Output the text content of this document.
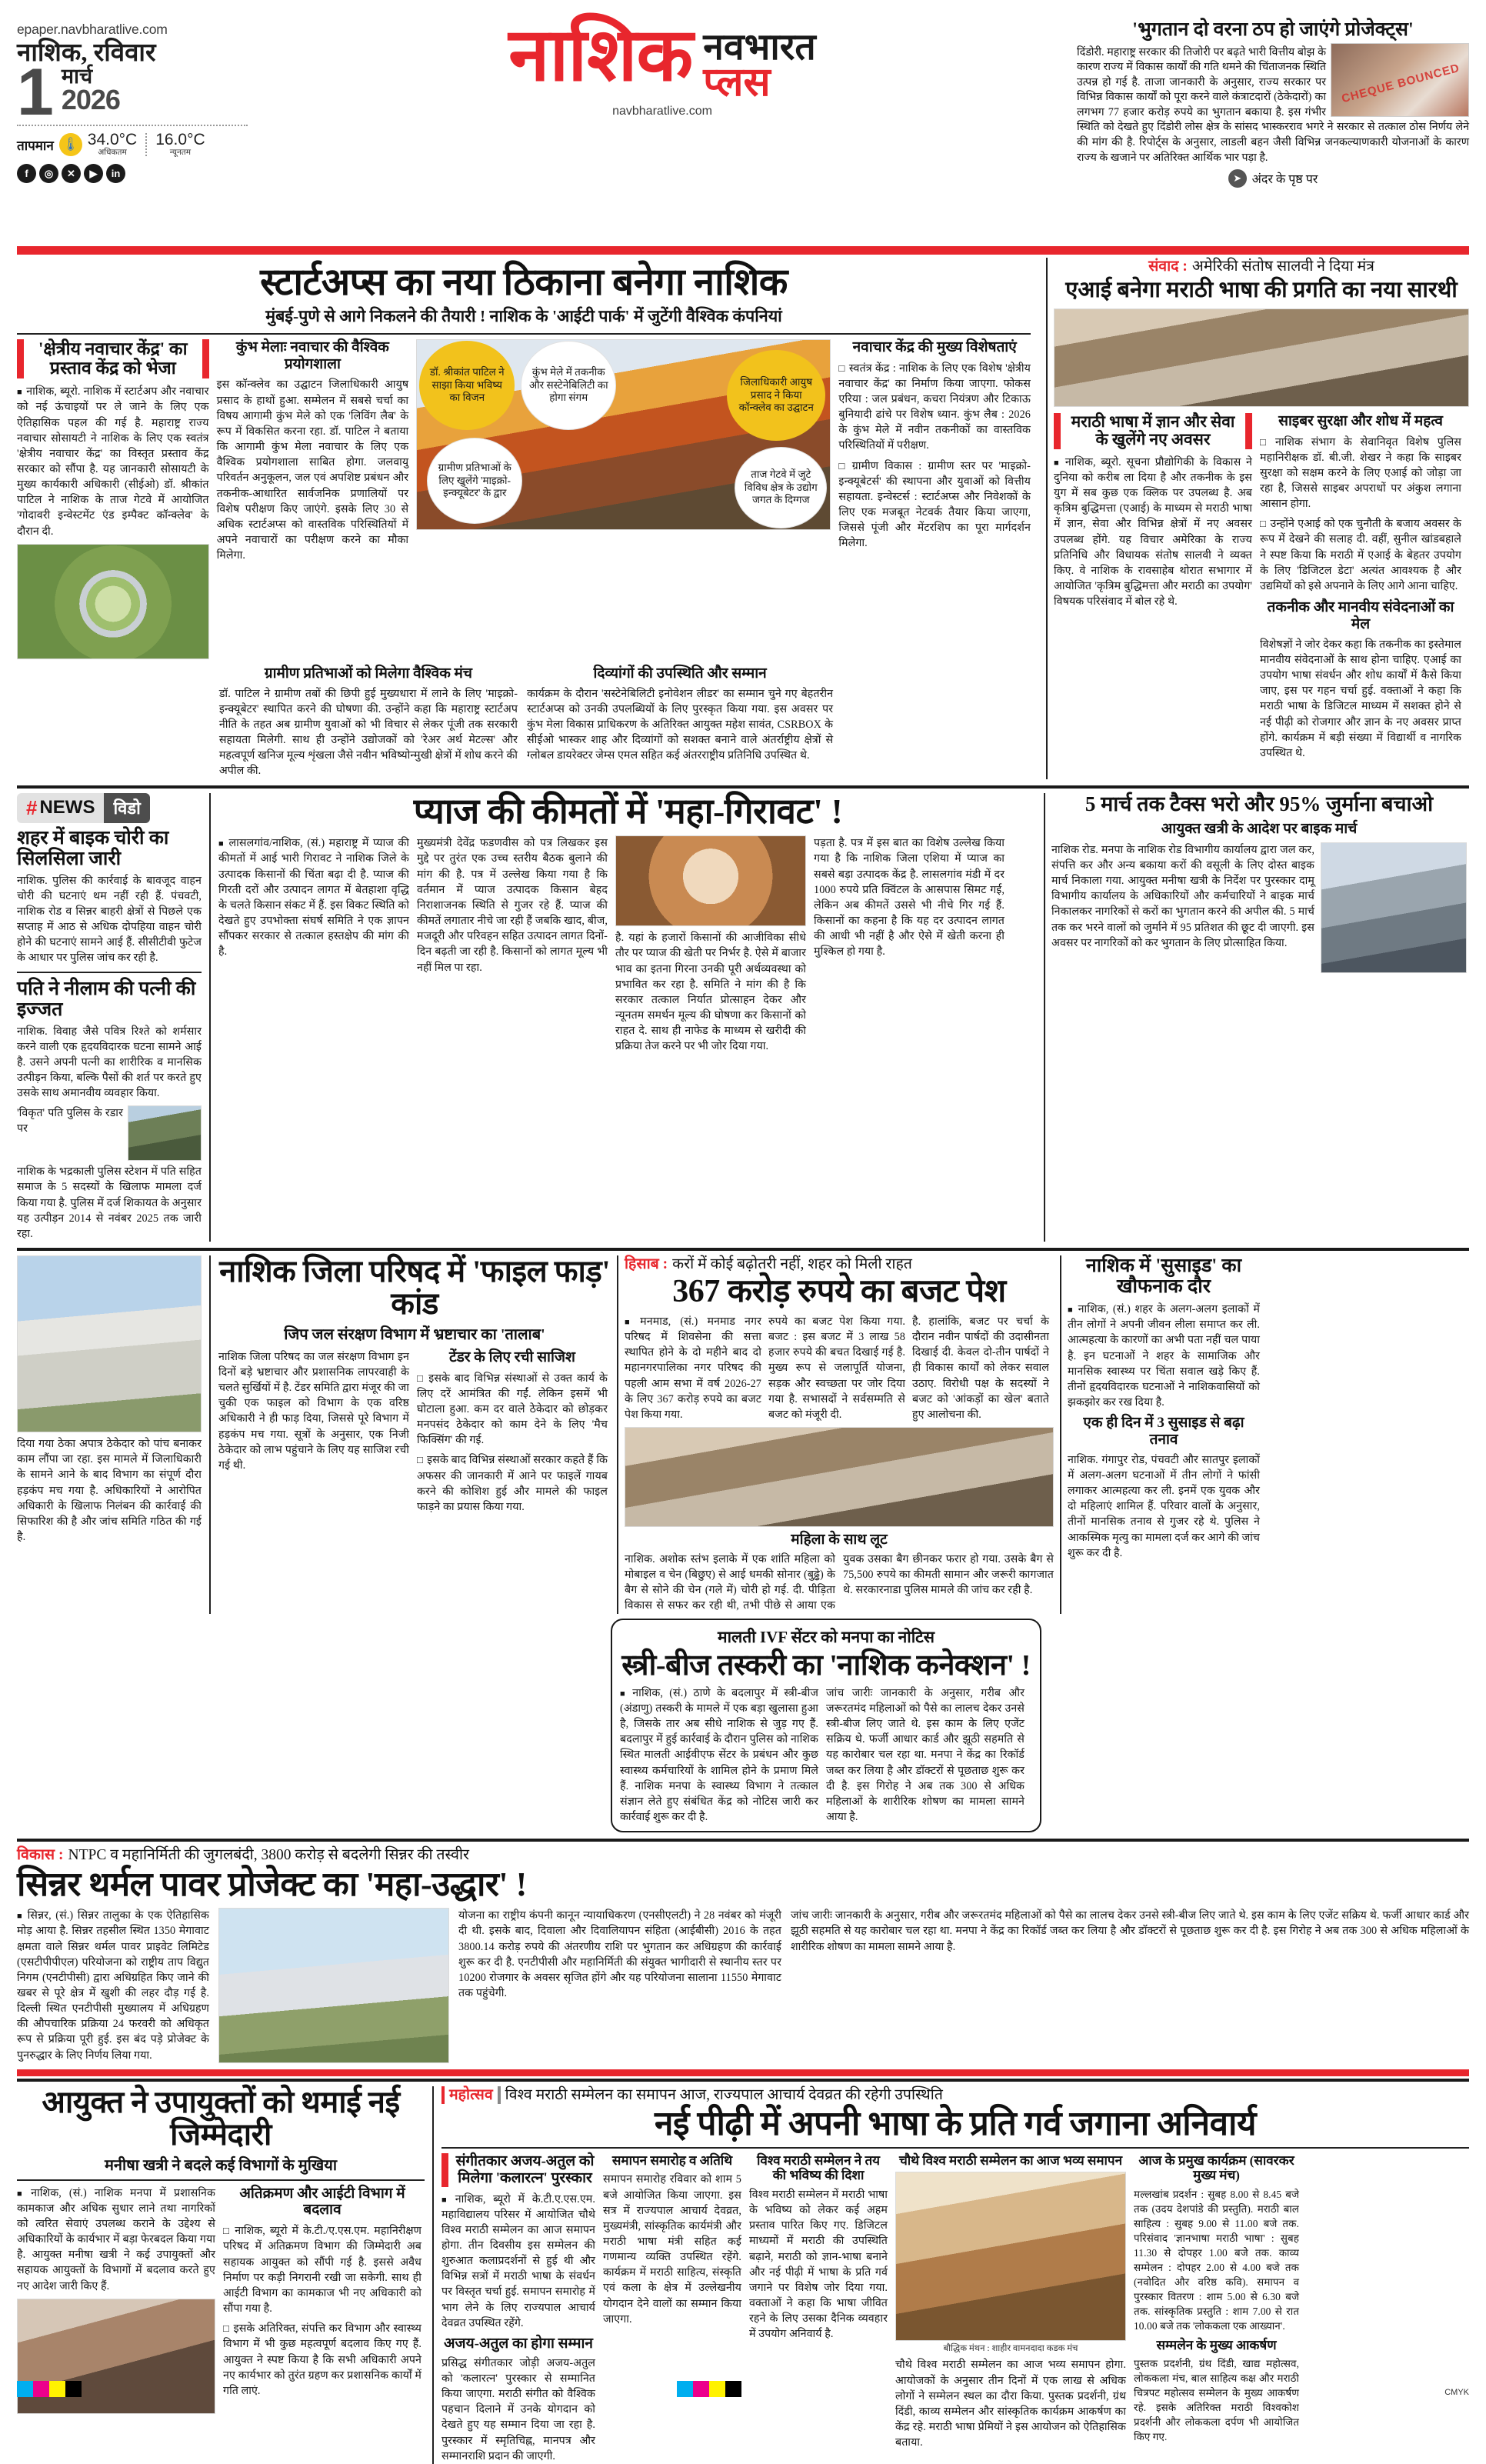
epaper.navbharatlive.com
नाशिक, रविवार
1 मार्च
2026
तापमान 🌡 34.0°C
अधिकतम
16.0°C
न्यूनतम
f	◎	✕	▶	in
नाशिक नवभारत
प्लस
navbharatlive.com
'भुगतान दो वरना ठप हो जाएंगे प्रोजेक्ट्स'
CHEQUE BOUNCED
दिंडोरी. महाराष्ट्र सरकार की तिजोरी पर बढ़ते भारी वित्तीय बोझ के कारण राज्य में विकास कार्यों की गति थमने की चिंताजनक स्थिति उत्पन्न हो गई है. ताजा जानकारी के अनुसार, राज्य सरकार पर विभिन्न विकास कार्यों को पूरा करने वाले कंत्राटदारों (ठेकेदारों) का लगभग 77 हजार करोड़ रुपये का भुगतान बकाया है. इस गंभीर स्थिति को देखते हुए दिंडोरी लोस क्षेत्र के सांसद भास्करराव भगरे ने सरकार से तत्काल ठोस निर्णय लेने की मांग की है. रिपोर्ट्स के अनुसार, लाडली बहन जैसी विभिन्न जनकल्याणकारी योजनाओं के कारण राज्य के खजाने पर अतिरिक्त आर्थिक भार पड़ा है.
➤ अंदर के पृष्ठ पर
स्टार्टअप्स का नया ठिकाना बनेगा नाशिक
मुंबई-पुणे से आगे निकलने की तैयारी ! नाशिक के 'आईटी पार्क' में जुटेंगी वैश्विक कंपनियां
'क्षेत्रीय नवाचार केंद्र' का प्रस्ताव केंद्र को भेजा
■ नाशिक, ब्यूरो. नाशिक में स्टार्टअप और नवाचार को नई ऊंचाइयों पर ले जाने के लिए एक ऐतिहासिक पहल की गई है. महाराष्ट्र राज्य नवाचार सोसायटी ने नाशिक के लिए एक स्वतंत्र 'क्षेत्रीय नवाचार केंद्र' का विस्तृत प्रस्ताव केंद्र सरकार को सौंपा है. यह जानकारी सोसायटी के मुख्य कार्यकारी अधिकारी (सीईओ) डॉ. श्रीकांत पाटिल ने नाशिक के ताज गेटवे में आयोजित 'गोदावरी इन्वेस्टमेंट एंड इम्पैक्ट कॉन्क्लेव' के दौरान दी.
कुंभ मेलाः नवाचार की वैश्विक प्रयोगशाला
इस कॉन्क्लेव का उद्घाटन जिलाधिकारी आयुष प्रसाद के हाथों हुआ. सम्मेलन में सबसे चर्चा का विषय आगामी कुंभ मेले को एक 'लिविंग लैब' के रूप में विकसित करना रहा. डॉ. पाटिल ने बताया कि आगामी कुंभ मेला नवाचार के लिए एक वैश्विक प्रयोगशाला साबित होगा. जलवायु परिवर्तन अनुकूलन, जल एवं अपशिष्ट प्रबंधन और तकनीक-आधारित सार्वजनिक प्रणालियों पर विशेष परीक्षण किए जाएंगे. इसके लिए 30 से अधिक स्टार्टअप्स को वास्तविक परिस्थितियों में अपने नवाचारों का परीक्षण करने का मौका मिलेगा.
डॉ. श्रीकांत पाटिल ने साझा किया भविष्य का विजन
कुंभ मेले में तकनीक और सस्टेनेबिलिटी का होगा संगम
जिलाधिकारी आयुष प्रसाद ने किया कॉन्क्लेव का उद्घाटन
ग्रामीण प्रतिभाओं के लिए खुलेंगे 'माइक्रो-इन्क्यूबेटर' के द्वार
ताज गेटवे में जुटे विविध क्षेत्र के उद्योग जगत के दिग्गज
नवाचार केंद्र की मुख्य विशेषताएं
□ स्वतंत्र केंद्र : नाशिक के लिए एक विशेष 'क्षेत्रीय नवाचार केंद्र' का निर्माण किया जाएगा. फोकस एरिया : जल प्रबंधन, कचरा नियंत्रण और टिकाऊ बुनियादी ढांचे पर विशेष ध्यान. कुंभ लैब : 2026 के कुंभ मेले में नवीन तकनीकों का वास्तविक परिस्थितियों में परीक्षण.
□ ग्रामीण विकास : ग्रामीण स्तर पर 'माइक्रो-इन्क्यूबेटर्स' की स्थापना और युवाओं को वित्तीय सहायता. इन्वेस्टर्स : स्टार्टअप्स और निवेशकों के लिए एक मजबूत नेटवर्क तैयार किया जाएगा, जिससे पूंजी और मेंटरशिप का पूरा मार्गदर्शन मिलेगा.
ग्रामीण प्रतिभाओं को मिलेगा वैश्विक मंच
डॉ. पाटिल ने ग्रामीण तबों की छिपी हुई मुख्यधारा में लाने के लिए 'माइक्रो-इन्क्यूबेटर' स्थापित करने की घोषणा की. उन्होंने कहा कि महाराष्ट्र स्टार्टअप नीति के तहत अब ग्रामीण युवाओं को भी विचार से लेकर पूंजी तक सरकारी सहायता मिलेगी. साथ ही उन्होंने उद्योजकों को 'रेअर अर्थ मेटल्स' और महत्वपूर्ण खनिज मूल्य शृंखला जैसे नवीन भविष्योन्मुखी क्षेत्रों में शोध करने की अपील की.
दिव्यांगों की उपस्थिति और सम्मान
कार्यक्रम के दौरान 'सस्टेनेबिलिटी इनोवेशन लीडर' का सम्मान चुने गए बेहतरीन स्टार्टअप्स को उनकी उपलब्धियों के लिए पुरस्कृत किया गया. इस अवसर पर कुंभ मेला विकास प्राधिकरण के अतिरिक्त आयुक्त महेश सावंत, CSRBOX के सीईओ भास्कर शाह और दिव्यांगों को सशक्त बनाने वाले अंतर्राष्ट्रीय क्षेत्रों से ग्लोबल डायरेक्टर जेम्स एमल सहित कई अंतरराष्ट्रीय प्रतिनिधि उपस्थित थे.
संवाद : अमेरिकी संतोष सालवी ने दिया मंत्र
एआई बनेगा मराठी भाषा की प्रगति का नया सारथी
मराठी भाषा में ज्ञान और सेवा के खुलेंगे नए अवसर
■ नाशिक, ब्यूरो. सूचना प्रौद्योगिकी के विकास ने दुनिया को करीब ला दिया है और तकनीक के इस युग में सब कुछ एक क्लिक पर उपलब्ध है. अब कृत्रिम बुद्धिमत्ता (एआई) के माध्यम से मराठी भाषा में ज्ञान, सेवा और विभिन्न क्षेत्रों में नए अवसर उपलब्ध होंगे. यह विचार अमेरिका के राज्य प्रतिनिधि और विधायक संतोष सालवी ने व्यक्त किए. वे नाशिक के रावसाहेब थोरात सभागार में आयोजित 'कृत्रिम बुद्धिमत्ता और मराठी का उपयोग' विषयक परिसंवाद में बोल रहे थे.
साइबर सुरक्षा और शोध में महत्व
□ नाशिक संभाग के सेवानिवृत विशेष पुलिस महानिरीक्षक डॉ. बी.जी. शेखर ने कहा कि साइबर सुरक्षा को सक्षम करने के लिए एआई को जोड़ा जा रहा है, जिससे साइबर अपराधों पर अंकुश लगाना आसान होगा.
□ उन्होंने एआई को एक चुनौती के बजाय अवसर के रूप में देखने की सलाह दी. वहीं, सुनील खांडबहाले ने स्पष्ट किया कि मराठी में एआई के बेहतर उपयोग के लिए 'डिजिटल डेटा' अत्यंत आवश्यक है और उद्यमियों को इसे अपनाने के लिए आगे आना चाहिए.
तकनीक और मानवीय संवेदनाओं का मेल
विशेषज्ञों ने जोर देकर कहा कि तकनीक का इस्तेमाल मानवीय संवेदनाओं के साथ होना चाहिए. एआई का उपयोग भाषा संवर्धन और शोध कार्यों में कैसे किया जाए, इस पर गहन चर्चा हुई. वक्ताओं ने कहा कि मराठी भाषा के डिजिटल माध्यम में सशक्त होने से नई पीढ़ी को रोजगार और ज्ञान के नए अवसर प्राप्त होंगे. कार्यक्रम में बड़ी संख्या में विद्यार्थी व नागरिक उपस्थित थे.
# NEWS	विडो
शहर में बाइक चोरी का सिलसिला जारी
नाशिक. पुलिस की कार्रवाई के बावजूद वाहन चोरी की घटनाएं थम नहीं रही हैं. पंचवटी, नाशिक रोड व सिन्नर बाहरी क्षेत्रों से पिछले एक सप्ताह में आठ से अधिक दोपहिया वाहन चोरी होने की घटनाएं सामने आई हैं. सीसीटीवी फुटेज के आधार पर पुलिस जांच कर रही है.
पति ने नीलाम की पत्नी की इज्जत
नाशिक. विवाह जैसे पवित्र रिश्ते को शर्मसार करने वाली एक हृदयविदारक घटना सामने आई है. उसने अपनी पत्नी का शारीरिक व मानसिक उत्पीड़न किया, बल्कि पैसों की शर्त पर करते हुए उसके साथ अमानवीय व्यवहार किया.
'विकृत' पति पुलिस के रडार पर
नाशिक के भद्रकाली पुलिस स्टेशन में पति सहित समाज के 5 सदस्यों के खिलाफ मामला दर्ज किया गया है. पुलिस में दर्ज शिकायत के अनुसार यह उत्पीड़न 2014 से नवंबर 2025 तक जारी रहा.
प्याज की कीमतों में 'महा-गिरावट' !
■ लासलगांव/नाशिक, (सं.) महाराष्ट्र में प्याज की कीमतों में आई भारी गिरावट ने नाशिक जिले के उत्पादक किसानों की चिंता बढ़ा दी है. प्याज की गिरती दरों और उत्पादन लागत में बेतहाशा वृद्धि के चलते किसान संकट में हैं. इस विकट स्थिति को देखते हुए उपभोक्ता संघर्ष समिति ने एक ज्ञापन सौंपकर सरकार से तत्काल हस्तक्षेप की मांग की है.
मुख्यमंत्री देवेंद्र फडणवीस को पत्र लिखकर इस मुद्दे पर तुरंत एक उच्च स्तरीय बैठक बुलाने की मांग की है. पत्र में उल्लेख किया गया है कि वर्तमान में प्याज उत्पादक किसान बेहद निराशाजनक स्थिति से गुजर रहे हैं. प्याज की कीमतें लगातार नीचे जा रही हैं जबकि खाद, बीज, मजदूरी और परिवहन सहित उत्पादन लागत दिनों-दिन बढ़ती जा रही है. किसानों को लागत मूल्य भी नहीं मिल पा रहा.
है. यहां के हजारों किसानों की आजीविका सीधे तौर पर प्याज की खेती पर निर्भर है. ऐसे में बाजार भाव का इतना गिरना उनकी पूरी अर्थव्यवस्था को प्रभावित कर रहा है. समिति ने मांग की है कि सरकार तत्काल निर्यात प्रोत्साहन देकर और न्यूनतम समर्थन मूल्य की घोषणा कर किसानों को राहत दे. साथ ही नाफेड के माध्यम से खरीदी की प्रक्रिया तेज करने पर भी जोर दिया गया.
पड़ता है. पत्र में इस बात का विशेष उल्लेख किया गया है कि नाशिक जिला एशिया में प्याज का सबसे बड़ा उत्पादक केंद्र है. लासलगांव मंडी में दर 1000 रुपये प्रति क्विंटल के आसपास सिमट गई, लेकिन अब कीमतें उससे भी नीचे गिर गई हैं. किसानों का कहना है कि यह दर उत्पादन लागत की आधी भी नहीं है और ऐसे में खेती करना ही मुश्किल हो गया है.
5 मार्च तक टैक्स भरो और 95% जुर्माना बचाओ
आयुक्त खत्री के आदेश पर बाइक मार्च
नाशिक रोड. मनपा के नाशिक रोड विभागीय कार्यालय द्वारा जल कर, संपत्ति कर और अन्य बकाया करों की वसूली के लिए दोस्त बाइक मार्च निकाला गया. आयुक्त मनीषा खत्री के निर्देश पर पुरस्कार दामू विभागीय कार्यालय के अधिकारियों और कर्मचारियों ने बाइक मार्च निकालकर नागरिकों से करों का भुगतान करने की अपील की. 5 मार्च तक कर भरने वालों को जुर्माने में 95 प्रतिशत की छूट दी जाएगी. इस अवसर पर नागरिकों को कर भुगतान के लिए प्रोत्साहित किया.
दिया गया ठेका अपात्र ठेकेदार को पांच बनाकर काम लौंपा जा रहा. इस मामले में जिलाधिकारी के सामने आने के बाद विभाग का संपूर्ण दौरा हड़कंप मच गया है. अधिकारियों ने आरोपित अधिकारी के खिलाफ निलंबन की कार्रवाई की सिफारिश की है और जांच समिति गठित की गई है.
नाशिक जिला परिषद में 'फाइल फाड़' कांड
जिप जल संरक्षण विभाग में भ्रष्टाचार का 'तालाब'
नाशिक जिला परिषद का जल संरक्षण विभाग इन दिनों बड़े भ्रष्टाचार और प्रशासनिक लापरवाही के चलते सुर्खियों में है. टेंडर समिति द्वारा मंजूर की जा चुकी एक फाइल को विभाग के एक वरिष्ठ अधिकारी ने ही फाड़ दिया, जिससे पूरे विभाग में हड़कंप मच गया. सूत्रों के अनुसार, एक निजी ठेकेदार को लाभ पहुंचाने के लिए यह साजिश रची गई थी.
टेंडर के लिए रची साजिश
□ इसके बाद विभिन्न संस्थाओं से उक्त कार्य के लिए दरें आमंत्रित की गईं. लेकिन इसमें भी घोटाला हुआ. कम दर वाले ठेकेदार को छोड़कर मनपसंद ठेकेदार को काम देने के लिए 'मैच फिक्सिंग' की गई.
□ इसके बाद विभिन्न संस्थाओं सरकार कहते हैं कि अफसर की जानकारी में आने पर फाइलें गायब करने की कोशिश हुई और मामले की फाइल फाड़ने का प्रयास किया गया.
हिसाब : करों में कोई बढ़ोतरी नहीं, शहर को मिली राहत
367 करोड़ रुपये का बजट पेश
■ मनमाड, (सं.) मनमाड नगर परिषद में शिवसेना की सत्ता स्थापित होने के दो महीने बाद दो महानगरपालिका नगर परिषद की पहली आम सभा में वर्ष 2026-27 के लिए 367 करोड़ रुपये का बजट पेश किया गया.
रुपये का बजट पेश किया गया. बजट : इस बजट में 3 लाख 58 हजार रुपये की बचत दिखाई गई है. मुख्य रूप से जलापूर्ति योजना, सड़क और स्वच्छता पर जोर दिया गया है. सभासदों ने सर्वसम्मति से बजट को मंजूरी दी.
है. हालांकि, बजट पर चर्चा के दौरान नवीन पार्षदों की उदासीनता दिखाई दी. केवल दो-तीन पार्षदों ने ही विकास कार्यों को लेकर सवाल उठाए. विरोधी पक्ष के सदस्यों ने बजट को 'आंकड़ों का खेल' बताते हुए आलोचना की.
महिला के साथ लूट
नाशिक. अशोक स्तंभ इलाके में एक शांति महिला को मोबाइल व चेन (बिछुए) से आई धमकी सोनार (बुढ्ढे) के बैग से सोने की चेन (गले में) चोरी हो गई. दी. पीड़िता विकास से सफर कर रही थी, तभी पीछे से आया एक युवक उसका बैग छीनकर फरार हो गया. उसके बैग से 75,500 रुपये का कीमती सामान और जरूरी कागजात थे. सरकारनाडा पुलिस मामले की जांच कर रही है.
नाशिक में 'सुसाइड' का खौफनाक दौर
■ नाशिक, (सं.) शहर के अलग-अलग इलाकों में तीन लोगों ने अपनी जीवन लीला समाप्त कर ली. आत्महत्या के कारणों का अभी पता नहीं चल पाया है. इन घटनाओं ने शहर के सामाजिक और मानसिक स्वास्थ्य पर चिंता सवाल खड़े किए हैं. तीनों हृदयविदारक घटनाओं ने नाशिकवासियों को झकझोर कर रख दिया है.
एक ही दिन में 3 सुसाइड से बढ़ा तनाव
नाशिक. गंगापुर रोड, पंचवटी और सातपुर इलाकों में अलग-अलग घटनाओं में तीन लोगों ने फांसी लगाकर आत्महत्या कर ली. इनमें एक युवक और दो महिलाएं शामिल हैं. परिवार वालों के अनुसार, तीनों मानसिक तनाव से गुजर रहे थे. पुलिस ने आकस्मिक मृत्यु का मामला दर्ज कर आगे की जांच शुरू कर दी है.
मालती IVF सेंटर को मनपा का नोटिस
स्त्री-बीज तस्करी का 'नाशिक कनेक्शन' !
■ नाशिक, (सं.) ठाणे के बदलापुर में स्त्री-बीज (अंडाणु) तस्करी के मामले में एक बड़ा खुलासा हुआ है, जिसके तार अब सीधे नाशिक से जुड़ गए हैं. बदलापुर में हुई कार्रवाई के दौरान पुलिस को नाशिक स्थित मालती आईवीएफ सेंटर के प्रबंधन और कुछ स्वास्थ्य कर्मचारियों के शामिल होने के प्रमाण मिले हैं. नाशिक मनपा के स्वास्थ्य विभाग ने तत्काल संज्ञान लेते हुए संबंधित केंद्र को नोटिस जारी कर कार्रवाई शुरू कर दी है.
जांच जारीः जानकारी के अनुसार, गरीब और जरूरतमंद महिलाओं को पैसे का लालच देकर उनसे स्त्री-बीज लिए जाते थे. इस काम के लिए एजेंट सक्रिय थे. फर्जी आधार कार्ड और झूठी सहमति से यह कारोबार चल रहा था. मनपा ने केंद्र का रिकॉर्ड जब्त कर लिया है और डॉक्टरों से पूछताछ शुरू कर दी है. इस गिरोह ने अब तक 300 से अधिक महिलाओं के शारीरिक शोषण का मामला सामने आया है.
विकास : NTPC व महानिर्मिती की जुगलबंदी, 3800 करोड़ से बदलेगी सिन्नर की तस्वीर
सिन्नर थर्मल पावर प्रोजेक्ट का 'महा-उद्धार' !
■ सिन्नर, (सं.) सिन्नर तालुका के एक ऐतिहासिक मोड़ आया है. सिन्नर तहसील स्थित 1350 मेगावाट क्षमता वाले सिन्नर थर्मल पावर प्राइवेट लिमिटेड (एसटीपीपीएल) परियोजना को राष्ट्रीय ताप विद्युत निगम (एनटीपीसी) द्वारा अधिग्रहित किए जाने की खबर से पूरे क्षेत्र में खुशी की लहर दौड़ गई है. दिल्ली स्थित एनटीपीसी मुख्यालय में अधिग्रहण की औपचारिक प्रक्रिया 24 फरवरी को अधिकृत रूप से प्रक्रिया पूरी हुई. इस बंद पड़े प्रोजेक्ट के पुनरुद्धार के लिए निर्णय लिया गया.
योजना का राष्ट्रीय कंपनी कानून न्यायाधिकरण (एनसीएलटी) ने 28 नवंबर को मंजूरी दी थी. इसके बाद, दिवाला और दिवालियापन संहिता (आईबीसी) 2016 के तहत 3800.14 करोड़ रुपये की अंतरणीय राशि पर भुगतान कर अधिग्रहण की कार्रवाई शुरू कर दी है. एनटीपीसी और महानिर्मिती की संयुक्त भागीदारी से स्थानीय स्तर पर 10200 रोजगार के अवसर सृजित होंगे और यह परियोजना सालाना 11550 मेगावाट तक पहुंचेगी.
जांच जारीः जानकारी के अनुसार, गरीब और जरूरतमंद महिलाओं को पैसे का लालच देकर उनसे स्त्री-बीज लिए जाते थे. इस काम के लिए एजेंट सक्रिय थे. फर्जी आधार कार्ड और झूठी सहमति से यह कारोबार चल रहा था. मनपा ने केंद्र का रिकॉर्ड जब्त कर लिया है और डॉक्टरों से पूछताछ शुरू कर दी है. इस गिरोह ने अब तक 300 से अधिक महिलाओं के शारीरिक शोषण का मामला सामने आया है.
आयुक्त ने उपायुक्तों को थमाई नई जिम्मेदारी
मनीषा खत्री ने बदले कई विभागों के मुखिया
■ नाशिक, (सं.) नाशिक मनपा में प्रशासनिक कामकाज और अधिक सुधार लाने तथा नागरिकों को त्वरित सेवाएं उपलब्ध कराने के उद्देश्य से अधिकारियों के कार्यभार में बड़ा फेरबदल किया गया है. आयुक्त मनीषा खत्री ने कई उपायुक्तों और सहायक आयुक्तों के विभागों में बदलाव करते हुए नए आदेश जारी किए हैं.
अतिक्रमण और आईटी विभाग में बदलाव
□ नाशिक, ब्यूरो में के.टी./ए.एस.एम. महानिरीक्षण परिषद में अतिक्रमण विभाग की जिम्मेदारी अब सहायक आयुक्त को सौंपी गई है. इससे अवैध निर्माण पर कड़ी निगरानी रखी जा सकेगी. साथ ही आईटी विभाग का कामकाज भी नए अधिकारी को सौंपा गया है.
□ इसके अतिरिक्त, संपत्ति कर विभाग और स्वास्थ्य विभाग में भी कुछ महत्वपूर्ण बदलाव किए गए हैं. आयुक्त ने स्पष्ट किया है कि सभी अधिकारी अपने नए कार्यभार को तुरंत ग्रहण कर प्रशासनिक कार्यों में गति लाएं.
महोत्सव विश्व मराठी सम्मेलन का समापन आज, राज्यपाल आचार्य देवव्रत की रहेगी उपस्थिति
नई पीढ़ी में अपनी भाषा के प्रति गर्व जगाना अनिवार्य
संगीतकार अजय-अतुल को मिलेगा 'कलारत्न' पुरस्कार
■ नाशिक, ब्यूरो में के.टी.ए.एस.एम. महाविद्यालय परिसर में आयोजित चौथे विश्व मराठी सम्मेलन का आज समापन होगा. तीन दिवसीय इस सम्मेलन की शुरुआत कलाप्रदर्शनों से हुई थी और विभिन्न सत्रों में मराठी भाषा के संवर्धन पर विस्तृत चर्चा हुई. समापन समारोह में भाग लेने के लिए राज्यपाल आचार्य देवव्रत उपस्थित रहेंगे.
अजय-अतुल का होगा सम्मान
प्रसिद्ध संगीतकार जोड़ी अजय-अतुल को 'कलारत्न' पुरस्कार से सम्मानित किया जाएगा. मराठी संगीत को वैश्विक पहचान दिलाने में उनके योगदान को देखते हुए यह सम्मान दिया जा रहा है. पुरस्कार में स्मृतिचिह्न, मानपत्र और सम्मानराशि प्रदान की जाएगी.
समापन समारोह व अतिथि
समापन समारोह रविवार को शाम 5 बजे आयोजित किया जाएगा. इस सत्र में राज्यपाल आचार्य देवव्रत, मुख्यमंत्री, सांस्कृतिक कार्यमंत्री और मराठी भाषा मंत्री सहित कई गणमान्य व्यक्ति उपस्थित रहेंगे. कार्यक्रम में मराठी साहित्य, संस्कृति एवं कला के क्षेत्र में उल्लेखनीय योगदान देने वालों का सम्मान किया जाएगा.
विश्व मराठी सम्मेलन ने तय की भविष्य की दिशा
विश्व मराठी सम्मेलन में मराठी भाषा के भविष्य को लेकर कई अहम प्रस्ताव पारित किए गए. डिजिटल माध्यमों में मराठी की उपस्थिति बढ़ाने, मराठी को ज्ञान-भाषा बनाने और नई पीढ़ी में भाषा के प्रति गर्व जगाने पर विशेष जोर दिया गया. वक्ताओं ने कहा कि भाषा जीवित रहने के लिए उसका दैनिक व्यवहार में उपयोग अनिवार्य है.
चौथे विश्व मराठी सम्मेलन का आज भव्य समापन
बौद्धिक मंथन : शाहीर वामनदादा कडक मंच
चौथे विश्व मराठी सम्मेलन का आज भव्य समापन होगा. आयोजकों के अनुसार तीन दिनों में एक लाख से अधिक लोगों ने सम्मेलन स्थल का दौरा किया. पुस्तक प्रदर्शनी, ग्रंथ दिंडी, काव्य सम्मेलन और सांस्कृतिक कार्यक्रम आकर्षण का केंद्र रहे. मराठी भाषा प्रेमियों ने इस आयोजन को ऐतिहासिक बताया.
आज के प्रमुख कार्यक्रम (सावरकर मुख्य मंच)
मल्लखांब प्रदर्शन : सुबह 8.00 से 8.45 बजे तक (उदय देशपांडे की प्रस्तुति). मराठी बाल साहित्य : सुबह 9.00 से 11.00 बजे तक. परिसंवाद 'ज्ञानभाषा मराठी भाषा' : सुबह 11.30 से दोपहर 1.00 बजे तक. काव्य सम्मेलन : दोपहर 2.00 से 4.00 बजे तक (नवोदित और वरिष्ठ कवि). समापन व पुरस्कार वितरण : शाम 5.00 से 6.30 बजे तक. सांस्कृतिक प्रस्तुति : शाम 7.00 से रात 10.00 बजे तक 'लोककला एक आख्यान'.
सम्मलेन के मुख्य आकर्षण
पुस्तक प्रदर्शनी, ग्रंथ दिंडी, खाद्य महोत्सव, लोककला मंच, बाल साहित्य कक्ष और मराठी चित्रपट महोत्सव सम्मेलन के मुख्य आकर्षण रहे. इसके अतिरिक्त मराठी विश्वकोश प्रदर्शनी और लोककला दर्पण भी आयोजित किए गए.
CMYK
